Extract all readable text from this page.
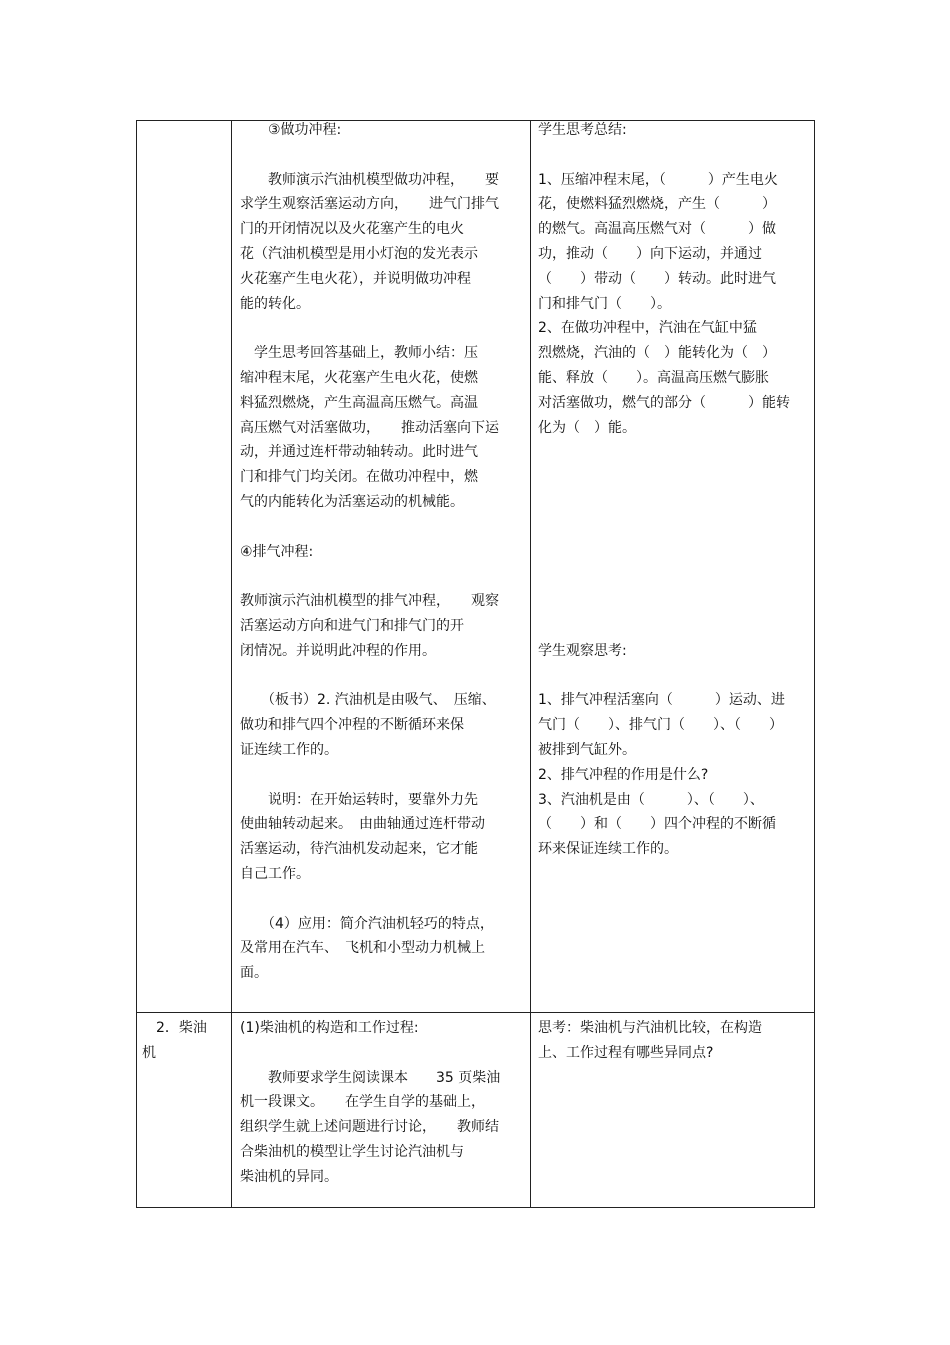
　　③做功冲程:

　　教师演示汽油机模型做功冲程，　　要

求学生观察活塞运动方向，　　进气门排气

门的开闭情况以及火花塞产生的电火

花（汽油机模型是用小灯泡的发光表示

火花塞产生电火花），并说明做功冲程

能的转化。

　学生思考回答基础上，教师小结：压

缩冲程末尾，火花塞产生电火花，使燃

料猛烈燃烧，产生高温高压燃气。高温

高压燃气对活塞做功，　　推动活塞向下运

动，并通过连杆带动轴转动。此时进气

门和排气门均关闭。在做功冲程中，燃

气的内能转化为活塞运动的机械能。

④排气冲程:

教师演示汽油机模型的排气冲程，　　观察

活塞运动方向和进气门和排气门的开

闭情况。并说明此冲程的作用。

　　（板书）2. 汽油机是由吸气、　压缩、

做功和排气四个冲程的不断循环来保

证连续工作的。

　　说明：在开始运转时，要靠外力先

使曲轴转动起来。　由曲轴通过连杆带动

活塞运动，待汽油机发动起来，它才能

自己工作。

　　（4）应用：简介汽油机轻巧的特点，

及常用在汽车、　飞机和小型动力机械上

面。

学生思考总结:

1、压缩冲程末尾，（　　　）产生电火

花，使燃料猛烈燃烧，产生（　　　）

的燃气。高温高压燃气对（　　　）做

功，推动（　　）向下运动，并通过

（　　）带动（　　）转动。此时进气

门和排气门（　　）。

2、在做功冲程中，汽油在气缸中猛

烈燃烧，汽油的（　）能转化为（　）

能、释放（　　）。高温高压燃气膨胀

对活塞做功，燃气的部分（　　　）能转

化为（　）能。

学生观察思考:

1、排气冲程活塞向（　　　）运动、进

气门（　　）、排气门（　　）、（　　）

被排到气缸外。

2、排气冲程的作用是什么?

3、汽油机是由（　　　）、（　　）、

（　　）和（　　）四个冲程的不断循

环来保证连续工作的。

　2．柴油

机

(1)柴油机的构造和工作过程:

　　教师要求学生阅读课本　　35 页柴油

机一段课文。　　在学生自学的基础上，

组织学生就上述问题进行讨论，　　教师结

合柴油机的模型让学生讨论汽油机与

柴油机的异同。

思考：柴油机与汽油机比较，在构造

上、工作过程有哪些异同点?
